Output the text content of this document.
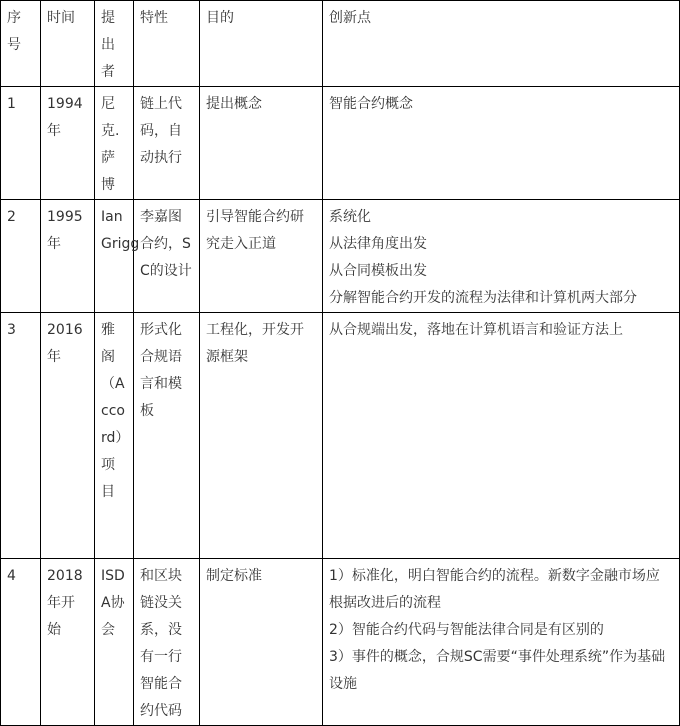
序号	时间	提出者	特性	目的	创新点
1	1994年	尼克.萨博	链上代码，自动执行	提出概念	智能合约概念

2	1995年	Ian Grigg	李嘉图合约，SC的设计	引导智能合约研究走入正道	系统化
从法律角度出发
从合同模板出发
分解智能合约开发的流程为法律和计算机两大部分

3	2016年	雅阁（Accord）项目	形式化合规语言和模板	工程化，开发开源框架	从合规端出发，落地在计算机语言和验证方法上

4	2018年开始	ISDA协会	和区块链没关系，没有一行智能合约代码	制定标准	1）标准化，明白智能合约的流程。新数字金融市场应根据改进后的流程
2）智能合约代码与智能法律合同是有区别的
3）事件的概念，合规SC需要“事件处理系统”作为基础设施
